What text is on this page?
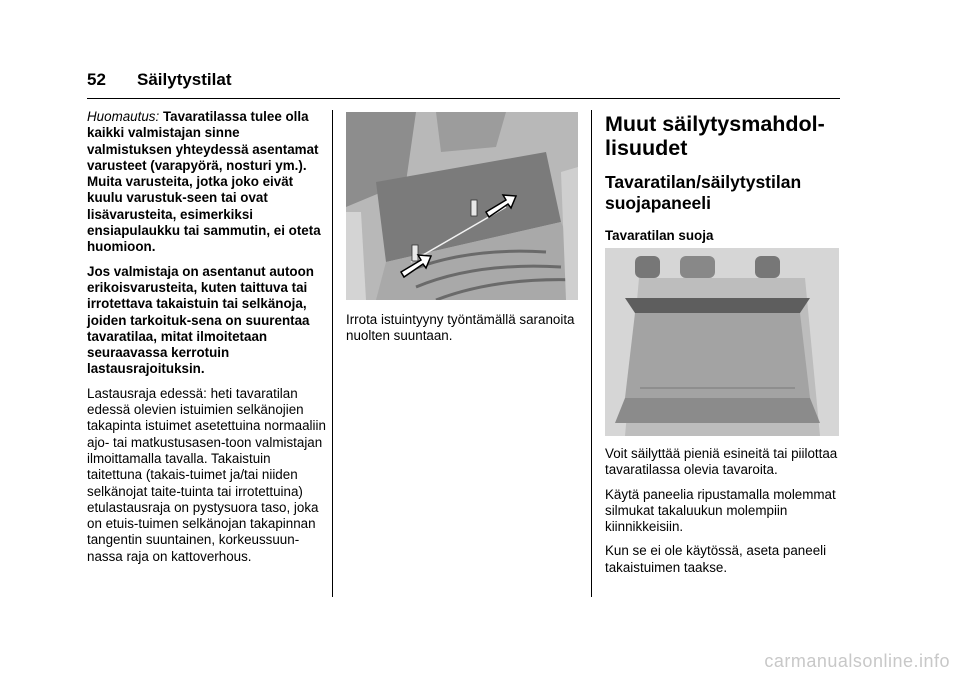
52 Säilytystilat

Huomautus: Tavaratilassa tulee olla kaikki valmistajan sinne valmistuksen yhteydessä asentamat varusteet (varapyörä, nosturi ym.). Muita varusteita, jotka joko eivät kuulu varustuk-seen tai ovat lisävarusteita, esimerkiksi ensiapulaukku tai sammutin, ei oteta huomioon.

Jos valmistaja on asentanut autoon erikoisvarusteita, kuten taittuva tai irrotettava takaistuin tai selkänoja, joiden tarkoituk-sena on suurentaa tavaratilaa, mitat ilmoitetaan seuraavassa kerrotuin lastausrajoituksin.

Lastausraja edessä: heti tavaratilan edessä olevien istuimien selkänojien takapinta istuimet asetettuina normaaliin ajo- tai matkustusasen-toon valmistajan ilmoittamalla tavalla. Takaistuin taitettuna (takais-tuimet ja/tai niiden selkänojat taite-tuinta tai irrotettuina) etulastausraja on pystysuora taso, joka on etuis-tuimen selkänojan takapinnan tangentin suuntainen, korkeussuun-nassa raja on kattoverhous.

Irrota istuintyyny työntämällä saranoita nuolten suuntaan.

Muut säilytysmahdol-lisuudet
Tavaratilan/säilytystilan suojapaneeli
Tavaratilan suoja

Voit säilyttää pieniä esineitä tai piilottaa tavaratilassa olevia tavaroita.

Käytä paneelia ripustamalla molemmat silmukat takaluukun molempiin kiinnikkeisiin.

Kun se ei ole käytössä, aseta paneeli takaistuimen taakse.

carmanualsonline.info
